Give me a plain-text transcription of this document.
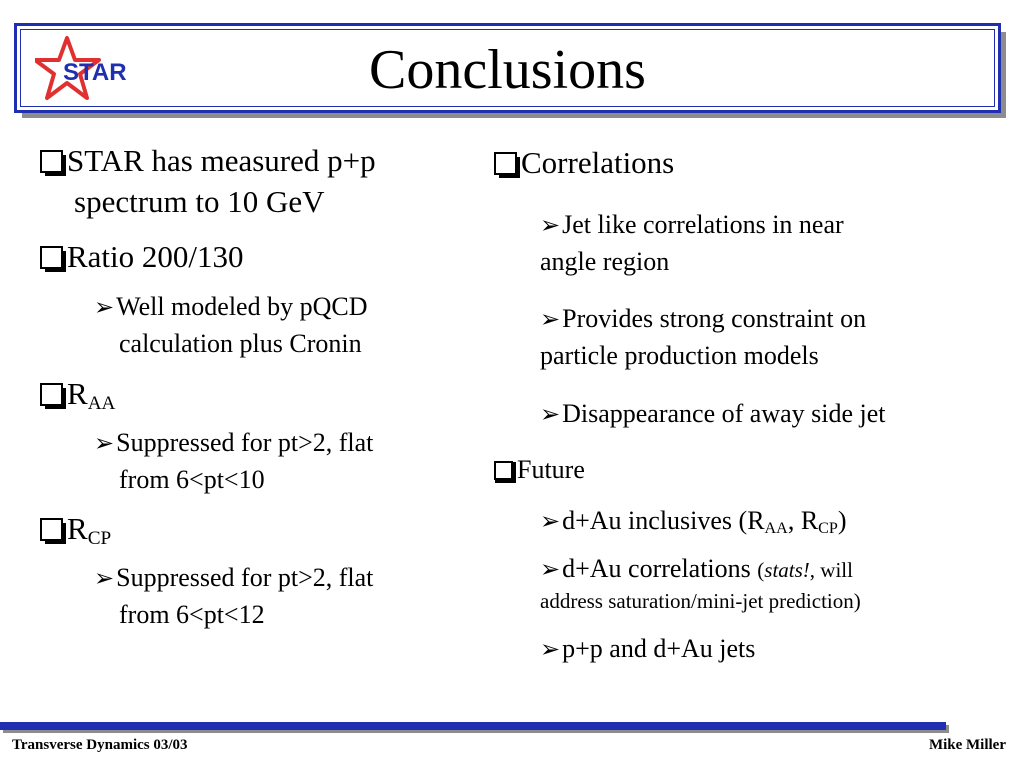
STAR	Conclusions
STAR has measured p+p
spectrum to 10 GeV
Ratio 200/130
➢Well modeled by pQCD
calculation plus Cronin
$R_{AA}$
➢Suppressed for pt>2, flat
from 6<pt<10
$R_{CP}$
➢Suppressed for pt>2, flat
from 6<pt<12
Correlations
➢Jet like correlations in near
angle region
➢Provides strong constraint on
particle production models
➢Disappearance of away side jet
Future
➢d+Au inclusives ($R_{AA}$, $R_{CP}$)
➢d+Au correlations (stats!, will
address saturation/mini-jet prediction)
➢p+p and d+Au jets
Transverse Dynamics 03/03	Mike Miller
